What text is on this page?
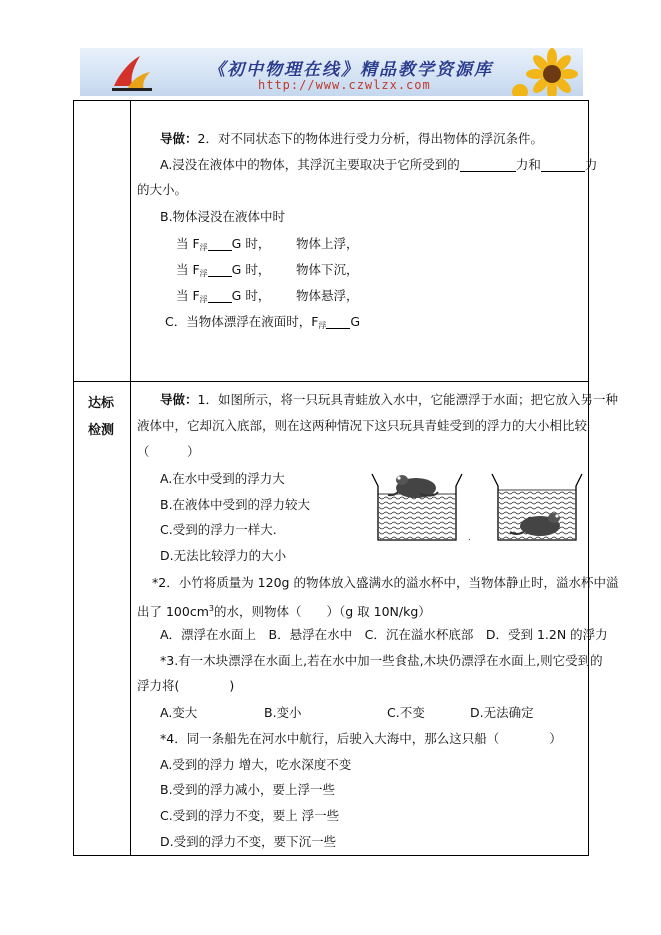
《初中物理在线》精品教学资源库
http://www.czwlzx.com
达标
检测
导做：2．对不同状态下的物体进行受力分析，得出物体的浮沉条件。
A.浸没在液体中的物体，其浮沉主要取决于它所受到的	力和	力
的大小。
B.物体浸没在液体中时
当 F浮 G 时， 物体上浮，
当 F浮 G 时， 物体下沉，
当 F浮 G 时， 物体悬浮，
C．当物体漂浮在液面时，F浮 G
导做：1．如图所示，将一只玩具青蛙放入水中，它能漂浮于水面；把它放入另一种
液体中，它却沉入底部，则在这两种情况下这只玩具青蛙受到的浮力的大小相比较
（　　　）
A.在水中受到的浮力大
B.在液体中受到的浮力较大
C.受到的浮力一样大.
D.无法比较浮力的大小
.
*2．小竹将质量为 120g 的物体放入盛满水的溢水杯中，当物体静止时，溢水杯中溢
出了 $100cm^3$的水，则物体（　　）（g 取 10N/kg）
A．漂浮在水面上　B．悬浮在水中　C．沉在溢水杯底部　D．受到 1.2N 的浮力
*3.有一木块漂浮在水面上,若在水中加一些食盐,木块仍漂浮在水面上,则它受到的
浮力将(　　　　)
A.变大	B.变小	C.不变	D.无法确定
*4．同一条船先在河水中航行，后驶入大海中，那么这只船（　　　　）
A.受到的浮力 增大，吃水深度不变
B.受到的浮力减小，要上浮一些
C.受到的浮力不变，要上 浮一些
D.受到的浮力不变，要下沉一些
